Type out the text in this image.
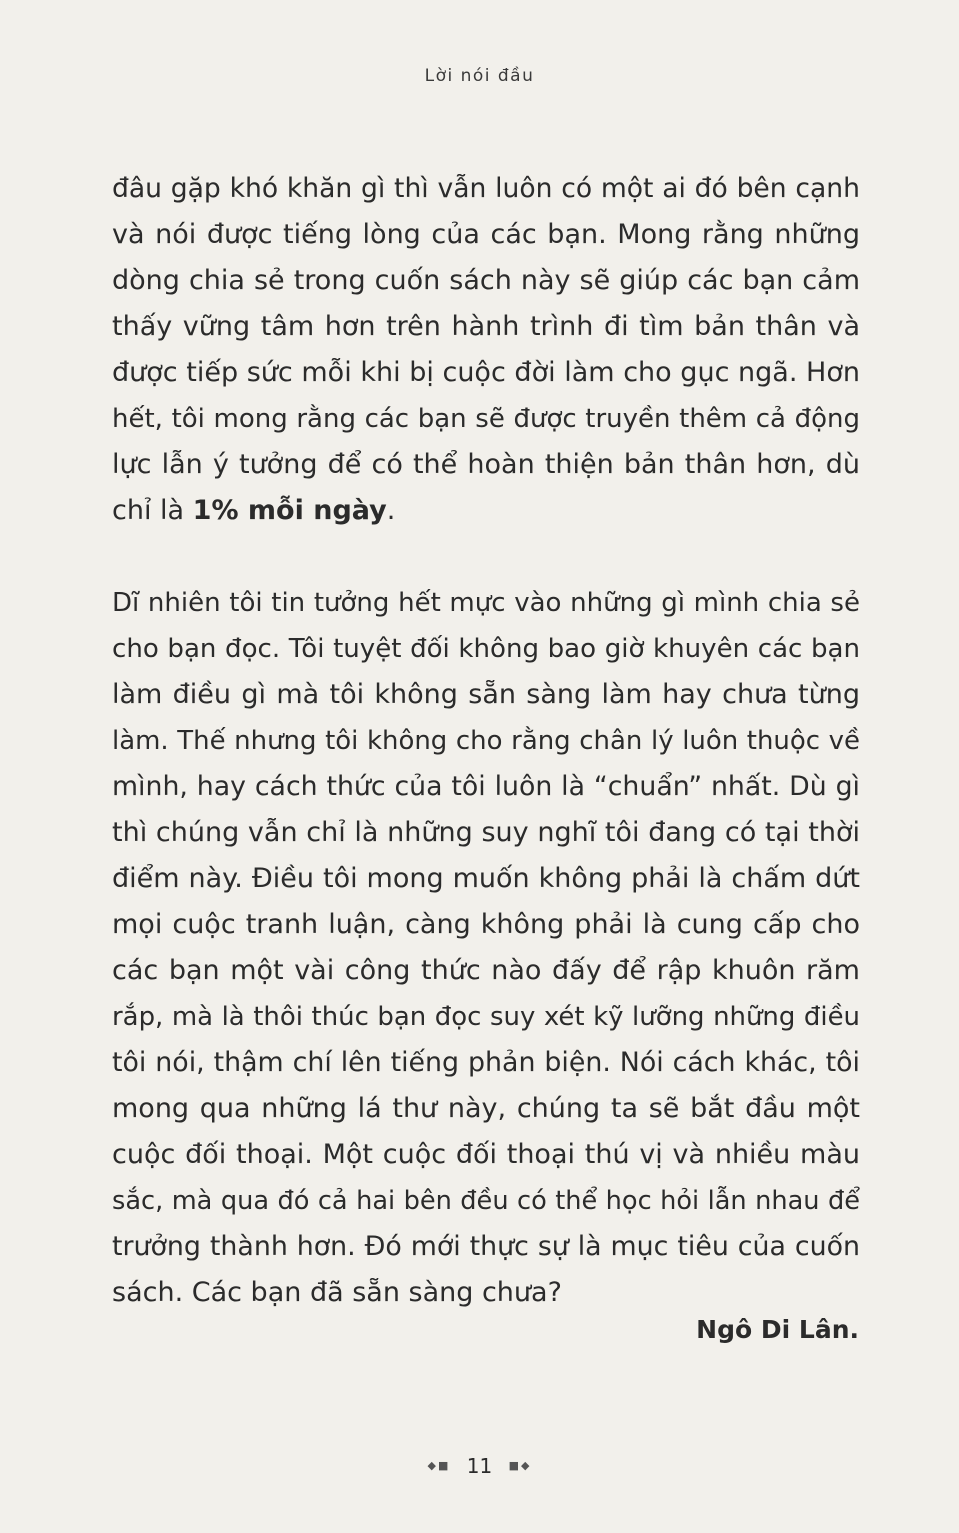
Lời nói đầu
đâu gặp khó khăn gì thì vẫn luôn có một ai đó bên cạnh
và nói được tiếng lòng của các bạn. Mong rằng những
dòng chia sẻ trong cuốn sách này sẽ giúp các bạn cảm
thấy vững tâm hơn trên hành trình đi tìm bản thân và
được tiếp sức mỗi khi bị cuộc đời làm cho gục ngã. Hơn
hết, tôi mong rằng các bạn sẽ được truyền thêm cả động
lực lẫn ý tưởng để có thể hoàn thiện bản thân hơn, dù
chỉ là 1% mỗi ngày.
Dĩ nhiên tôi tin tưởng hết mực vào những gì mình chia sẻ
cho bạn đọc. Tôi tuyệt đối không bao giờ khuyên các bạn
làm điều gì mà tôi không sẵn sàng làm hay chưa từng
làm. Thế nhưng tôi không cho rằng chân lý luôn thuộc về
mình, hay cách thức của tôi luôn là “chuẩn” nhất. Dù gì
thì chúng vẫn chỉ là những suy nghĩ tôi đang có tại thời
điểm này. Điều tôi mong muốn không phải là chấm dứt
mọi cuộc tranh luận, càng không phải là cung cấp cho
các bạn một vài công thức nào đấy để rập khuôn răm
rắp, mà là thôi thúc bạn đọc suy xét kỹ lưỡng những điều
tôi nói, thậm chí lên tiếng phản biện. Nói cách khác, tôi
mong qua những lá thư này, chúng ta sẽ bắt đầu một
cuộc đối thoại. Một cuộc đối thoại thú vị và nhiều màu
sắc, mà qua đó cả hai bên đều có thể học hỏi lẫn nhau để
trưởng thành hơn. Đó mới thực sự là mục tiêu của cuốn
sách. Các bạn đã sẵn sàng chưa?
Ngô Di Lân.
◆■ 11 ■◆
